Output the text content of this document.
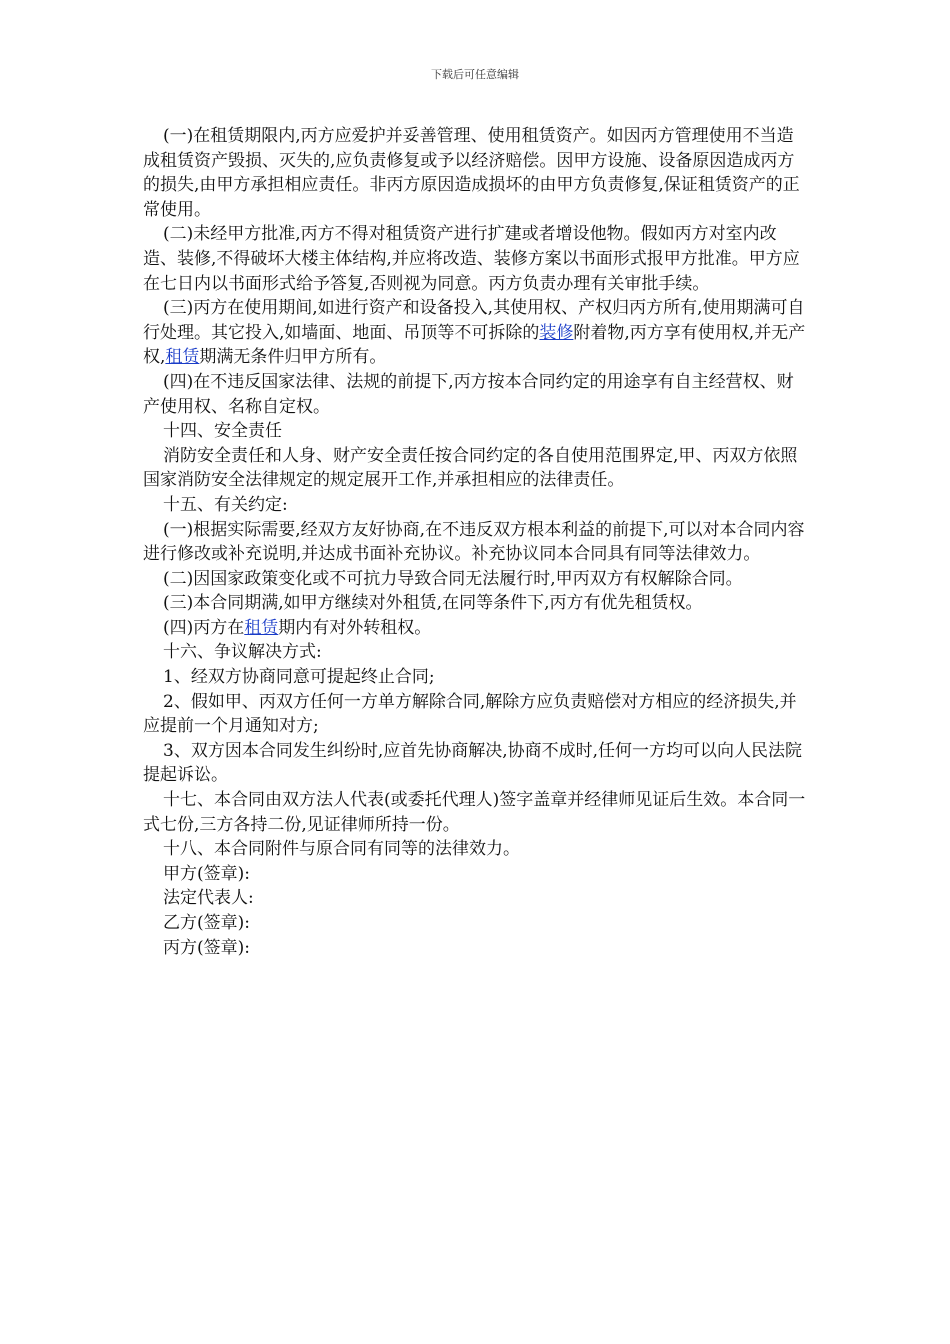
下载后可任意编辑

(一)在租赁期限内,丙方应爱护并妥善管理、使用租赁资产。如因丙方管理使用不当造成租赁资产毁损、灭失的,应负责修复或予以经济赔偿。因甲方设施、设备原因造成丙方的损失,由甲方承担相应责任。非丙方原因造成损坏的由甲方负责修复,保证租赁资产的正常使用。

(二)未经甲方批准,丙方不得对租赁资产进行扩建或者增设他物。假如丙方对室内改造、装修,不得破坏大楼主体结构,并应将改造、装修方案以书面形式报甲方批准。甲方应在七日内以书面形式给予答复,否则视为同意。丙方负责办理有关审批手续。

(三)丙方在使用期间,如进行资产和设备投入,其使用权、产权归丙方所有,使用期满可自行处理。其它投入,如墙面、地面、吊顶等不可拆除的装修附着物,丙方享有使用权,并无产权,租赁期满无条件归甲方所有。

(四)在不违反国家法律、法规的前提下,丙方按本合同约定的用途享有自主经营权、财产使用权、名称自定权。

十四、安全责任

消防安全责任和人身、财产安全责任按合同约定的各自使用范围界定,甲、丙双方依照国家消防安全法律规定的规定展开工作,并承担相应的法律责任。

十五、有关约定:

(一)根据实际需要,经双方友好协商,在不违反双方根本利益的前提下,可以对本合同内容进行修改或补充说明,并达成书面补充协议。补充协议同本合同具有同等法律效力。

(二)因国家政策变化或不可抗力导致合同无法履行时,甲丙双方有权解除合同。

(三)本合同期满,如甲方继续对外租赁,在同等条件下,丙方有优先租赁权。

(四)丙方在租赁期内有对外转租权。

十六、争议解决方式:

1、经双方协商同意可提起终止合同;

2、假如甲、丙双方任何一方单方解除合同,解除方应负责赔偿对方相应的经济损失,并应提前一个月通知对方;

3、双方因本合同发生纠纷时,应首先协商解决,协商不成时,任何一方均可以向人民法院提起诉讼。

十七、本合同由双方法人代表(或委托代理人)签字盖章并经律师见证后生效。本合同一式七份,三方各持二份,见证律师所持一份。

十八、本合同附件与原合同有同等的法律效力。

甲方(签章):

法定代表人:

乙方(签章):

丙方(签章):
